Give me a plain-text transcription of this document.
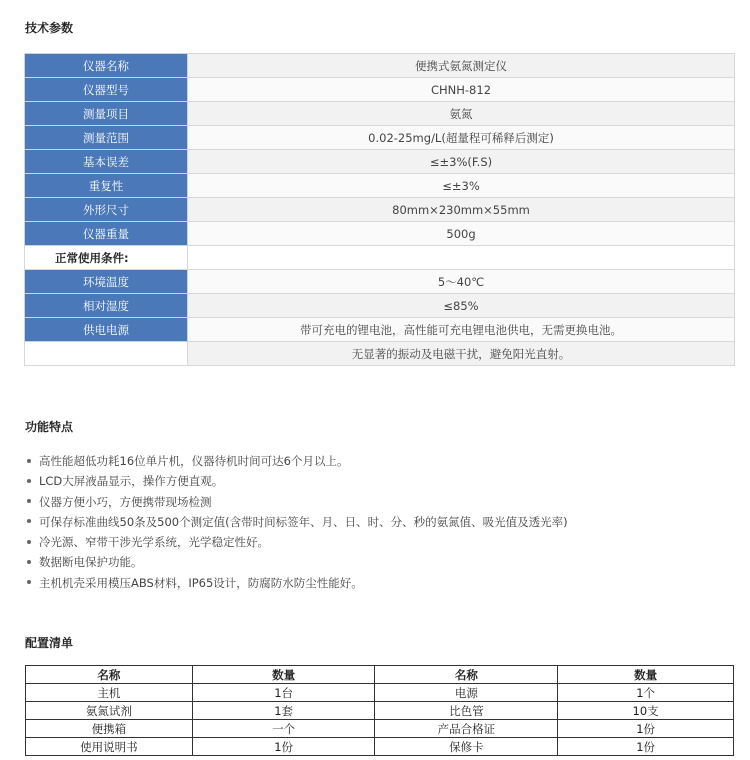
技术参数
仪器名称	便携式氨氮测定仪
仪器型号	CHNH-812
测量项目	氨氮
测量范围	0.02-25mg/L(超量程可稀释后测定)
基本误差	≤±3%(F.S)
重复性	≤±3%
外形尺寸	80mm×230mm×55mm
仪器重量	500g
正常使用条件:	
环境温度	5～40℃
相对湿度	≤85%
供电电源	带可充电的锂电池，高性能可充电锂电池供电，无需更换电池。
	无显著的振动及电磁干扰，避免阳光直射。
功能特点
高性能超低功耗16位单片机，仪器待机时间可达6个月以上。
LCD大屏液晶显示，操作方便直观。
仪器方便小巧，方便携带现场检测
可保存标准曲线50条及500个测定值(含带时间标签年、月、日、时、分、秒的氨氮值、吸光值及透光率)
冷光源、窄带干涉光学系统，光学稳定性好。
数据断电保护功能。
主机机壳采用模压ABS材料，IP65设计，防腐防水防尘性能好。
配置清单
名称	数量	名称	数量
主机	1台	电源	1个
氨氮试剂	1套	比色管	10支
便携箱	一个	产品合格证	1份
使用说明书	1份	保修卡	1份
